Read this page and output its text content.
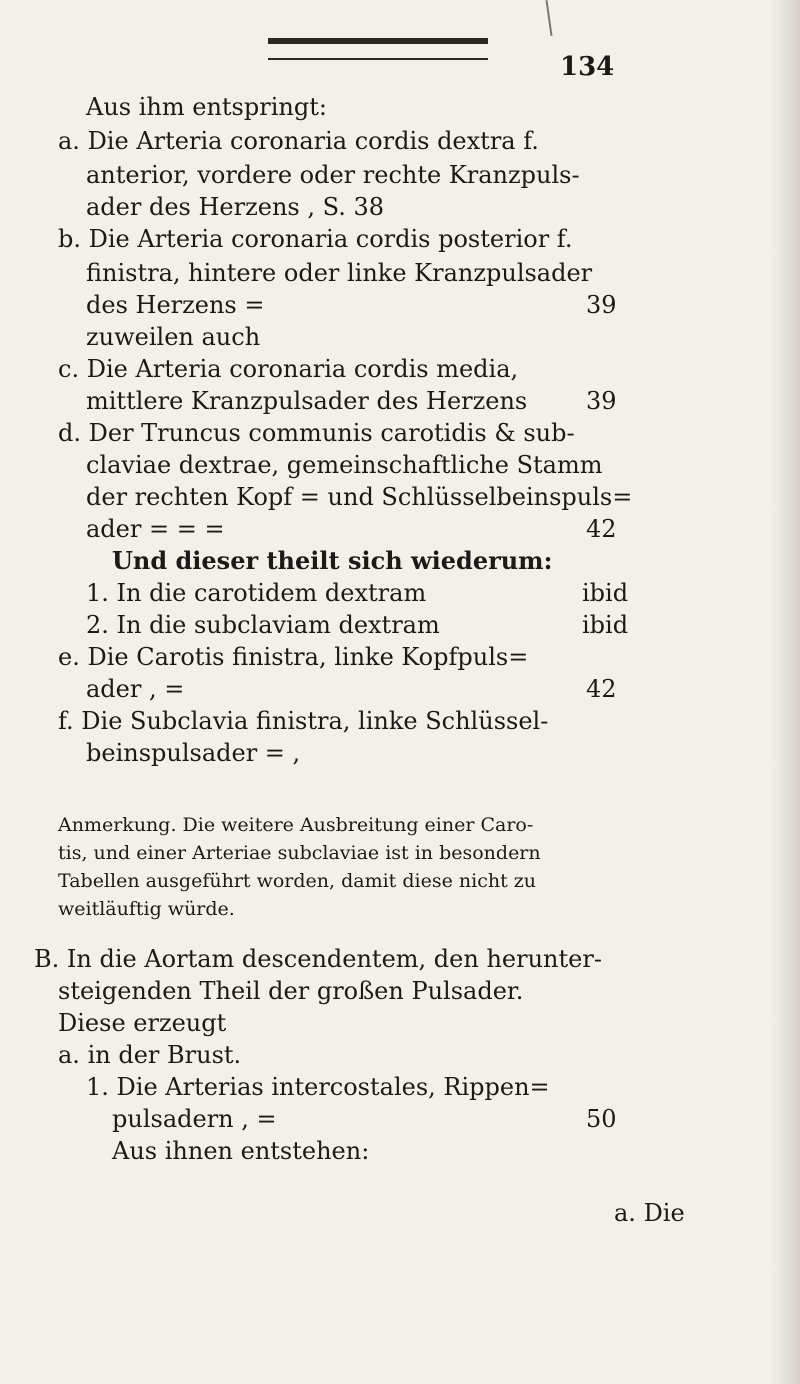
134
Aus ihm entspringt:
a. Die Arteria coronaria cordis dextra f.
anterior, vordere oder rechte Kranzpuls-
ader des Herzens , S. 38
b. Die Arteria coronaria cordis posterior f.
finistra, hintere oder linke Kranzpulsader
des Herzens =	39
zuweilen auch
c. Die Arteria coronaria cordis media,
mittlere Kranzpulsader des Herzens 39
d. Der Truncus communis carotidis & sub-
claviae dextrae, gemeinschaftliche Stamm
der rechten Kopf = und Schlüsselbeinspuls=
ader = = =	42
Und dieser theilt sich wiederum:
1. In die carotidem dextram	ibid
2. In die subclaviam dextram	ibid
e. Die Carotis finistra, linke Kopfpuls=
ader , =	42
f. Die Subclavia finistra, linke Schlüssel-
beinspulsader = ,
Anmerkung. Die weitere Ausbreitung einer Caro-
tis, und einer Arteriae subclaviae ist in besondern
Tabellen ausgeführt worden, damit diese nicht zu
weitläuftig würde.
B. In die Aortam descendentem, den herunter-
steigenden Theil der großen Pulsader.
Diese erzeugt
a. in der Brust.
1. Die Arterias intercostales, Rippen=
pulsadern , =	50
Aus ihnen entstehen:
a. Die
